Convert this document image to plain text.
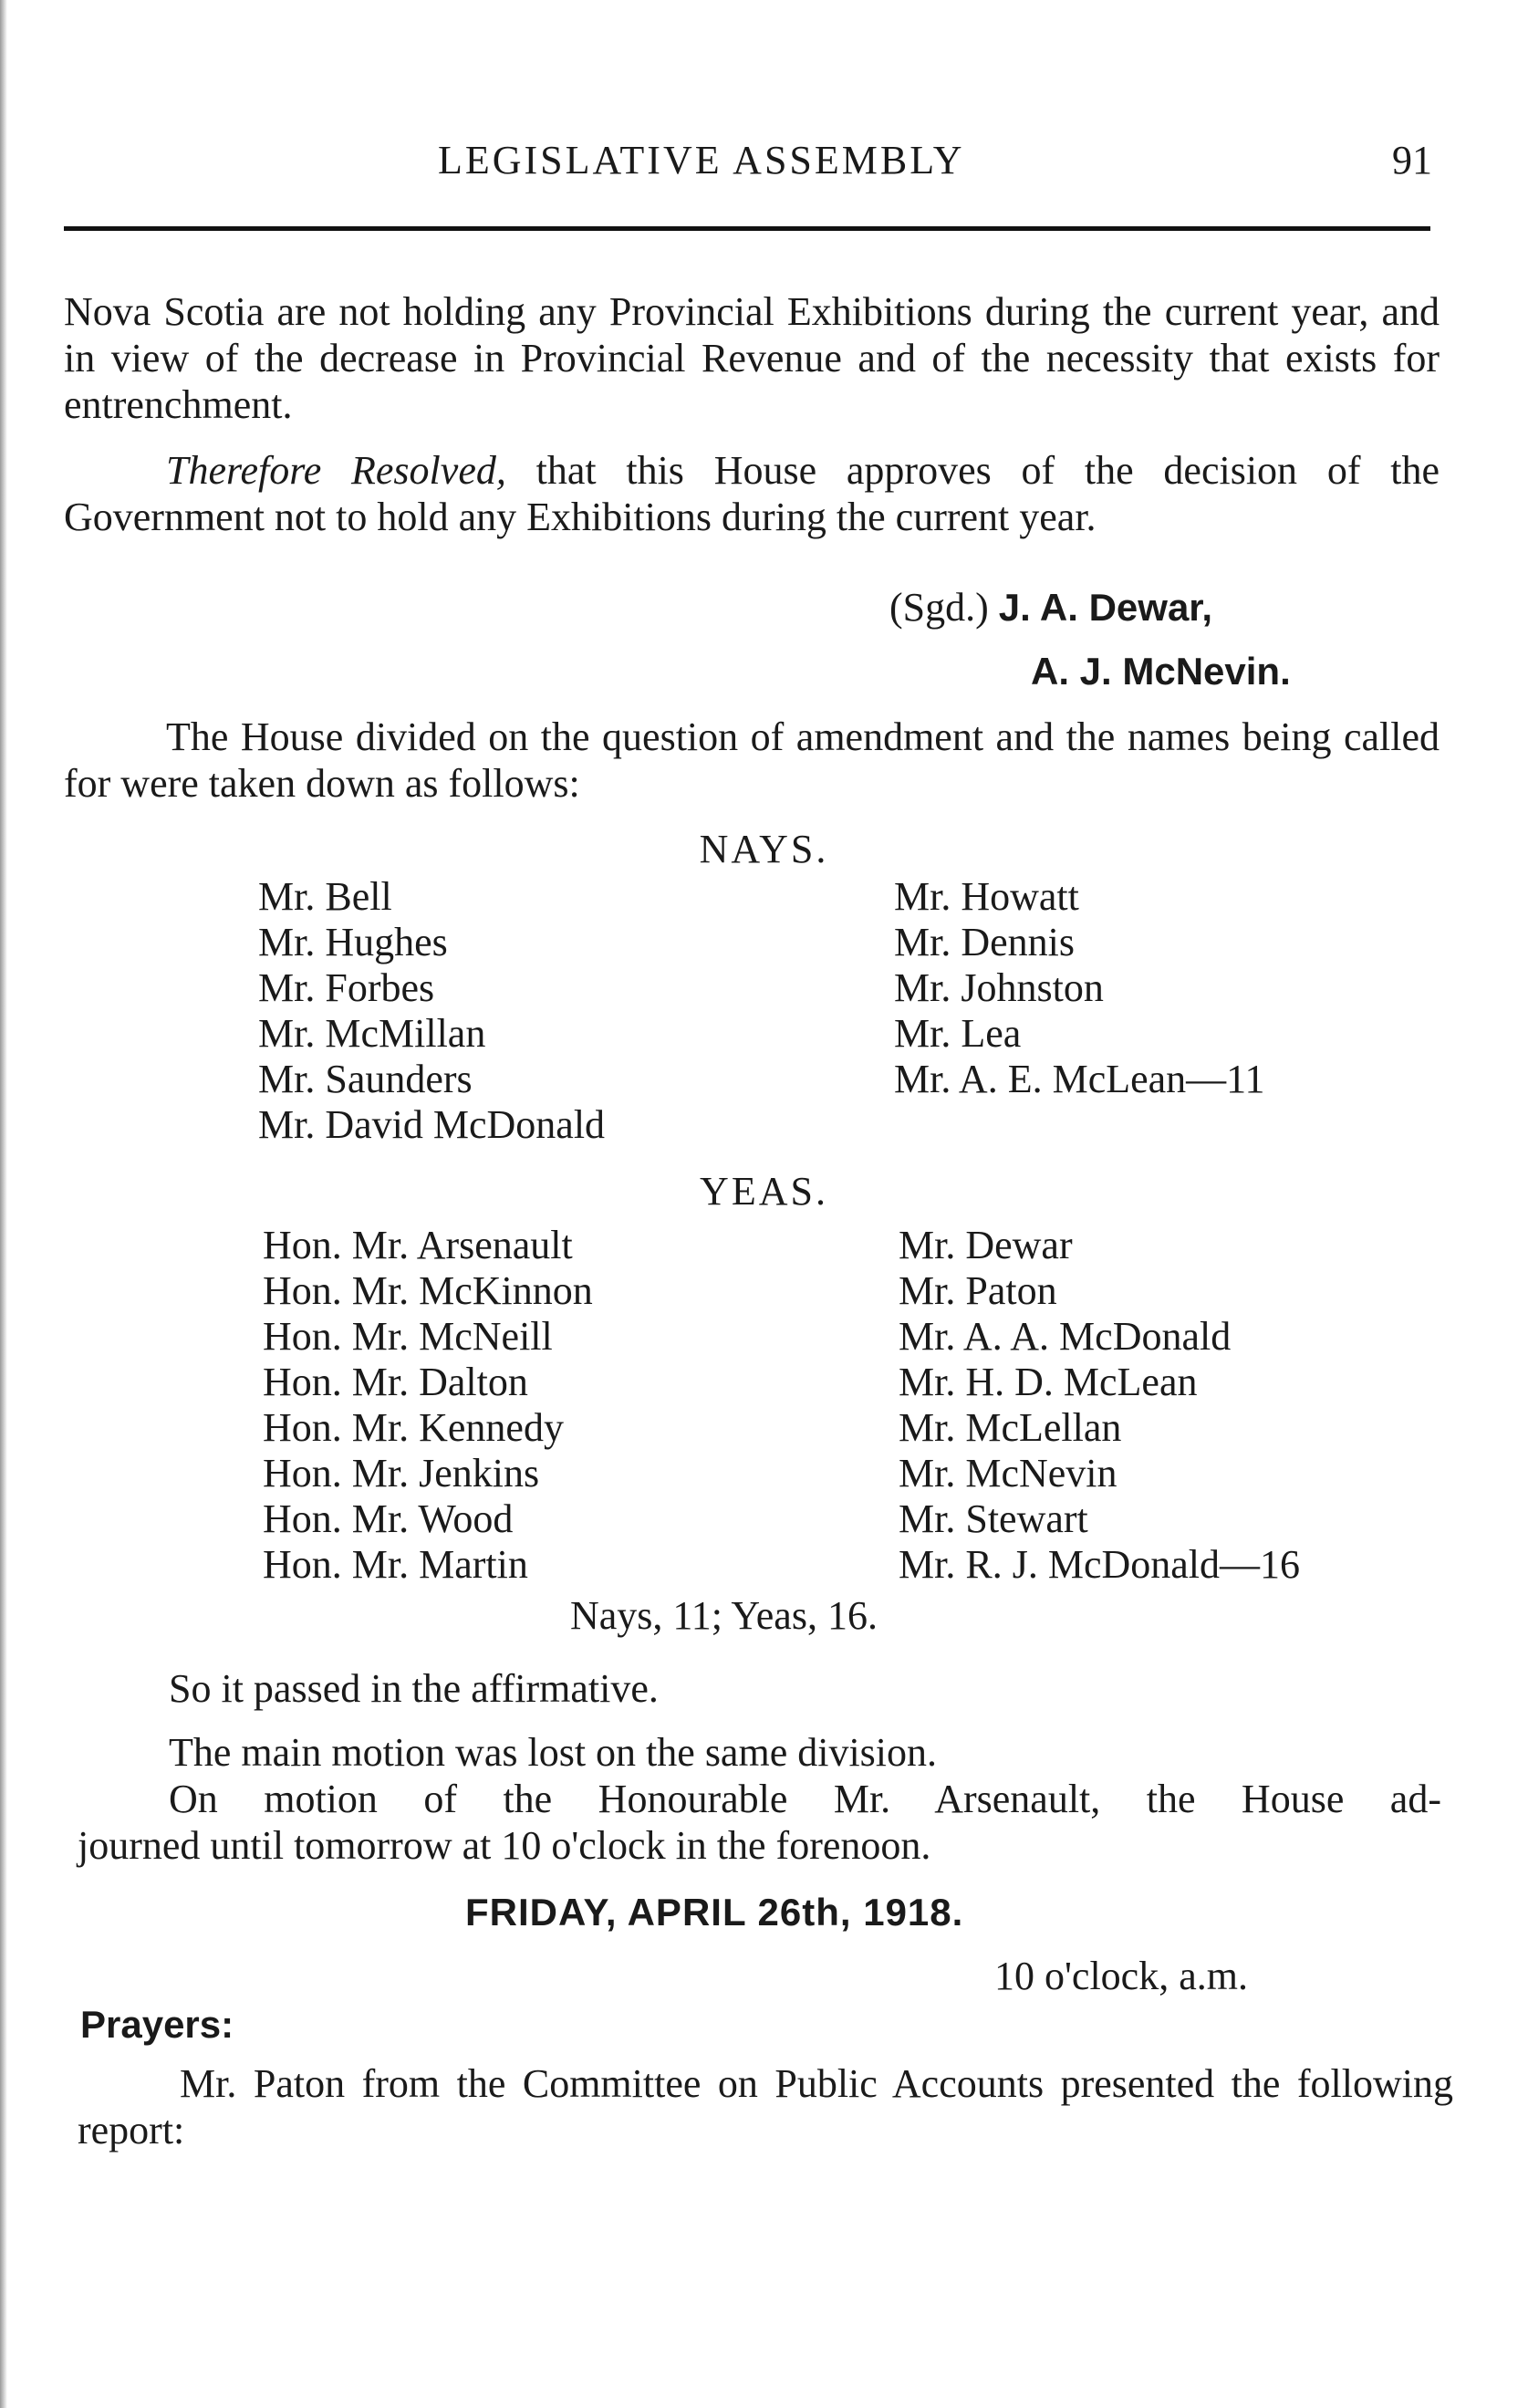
LEGISLATIVE ASSEMBLY	91
Nova Scotia are not holding any Provincial Exhibitions during the current year, and in view of the decrease in Provincial Revenue and of the necessity that exists for entrenchment.
Therefore Resolved, that this House approves of the decision of the Government not to hold any Exhibitions during the current year.
(Sgd.) J. A. Dewar,
A. J. McNevin.
The House divided on the question of amendment and the names being called for were taken down as follows:
NAYS.
Mr. Bell
Mr. Hughes
Mr. Forbes
Mr. McMillan
Mr. Saunders
Mr. David McDonald
Mr. Howatt
Mr. Dennis
Mr. Johnston
Mr. Lea
Mr. A. E. McLean—11
YEAS.
Hon. Mr. Arsenault
Hon. Mr. McKinnon
Hon. Mr. McNeill
Hon. Mr. Dalton
Hon. Mr. Kennedy
Hon. Mr. Jenkins
Hon. Mr. Wood
Hon. Mr. Martin
Mr. Dewar
Mr. Paton
Mr. A. A. McDonald
Mr. H. D. McLean
Mr. McLellan
Mr. McNevin
Mr. Stewart
Mr. R. J. McDonald—16
Nays, 11; Yeas, 16.
So it passed in the affirmative.
The main motion was lost on the same division.
On motion of the Honourable Mr. Arsenault, the House ad-
journed until tomorrow at 10 o'clock in the forenoon.
FRIDAY, APRIL 26th, 1918.
10 o'clock, a.m.
Prayers:
Mr. Paton from the Committee on Public Accounts presented the following report:
